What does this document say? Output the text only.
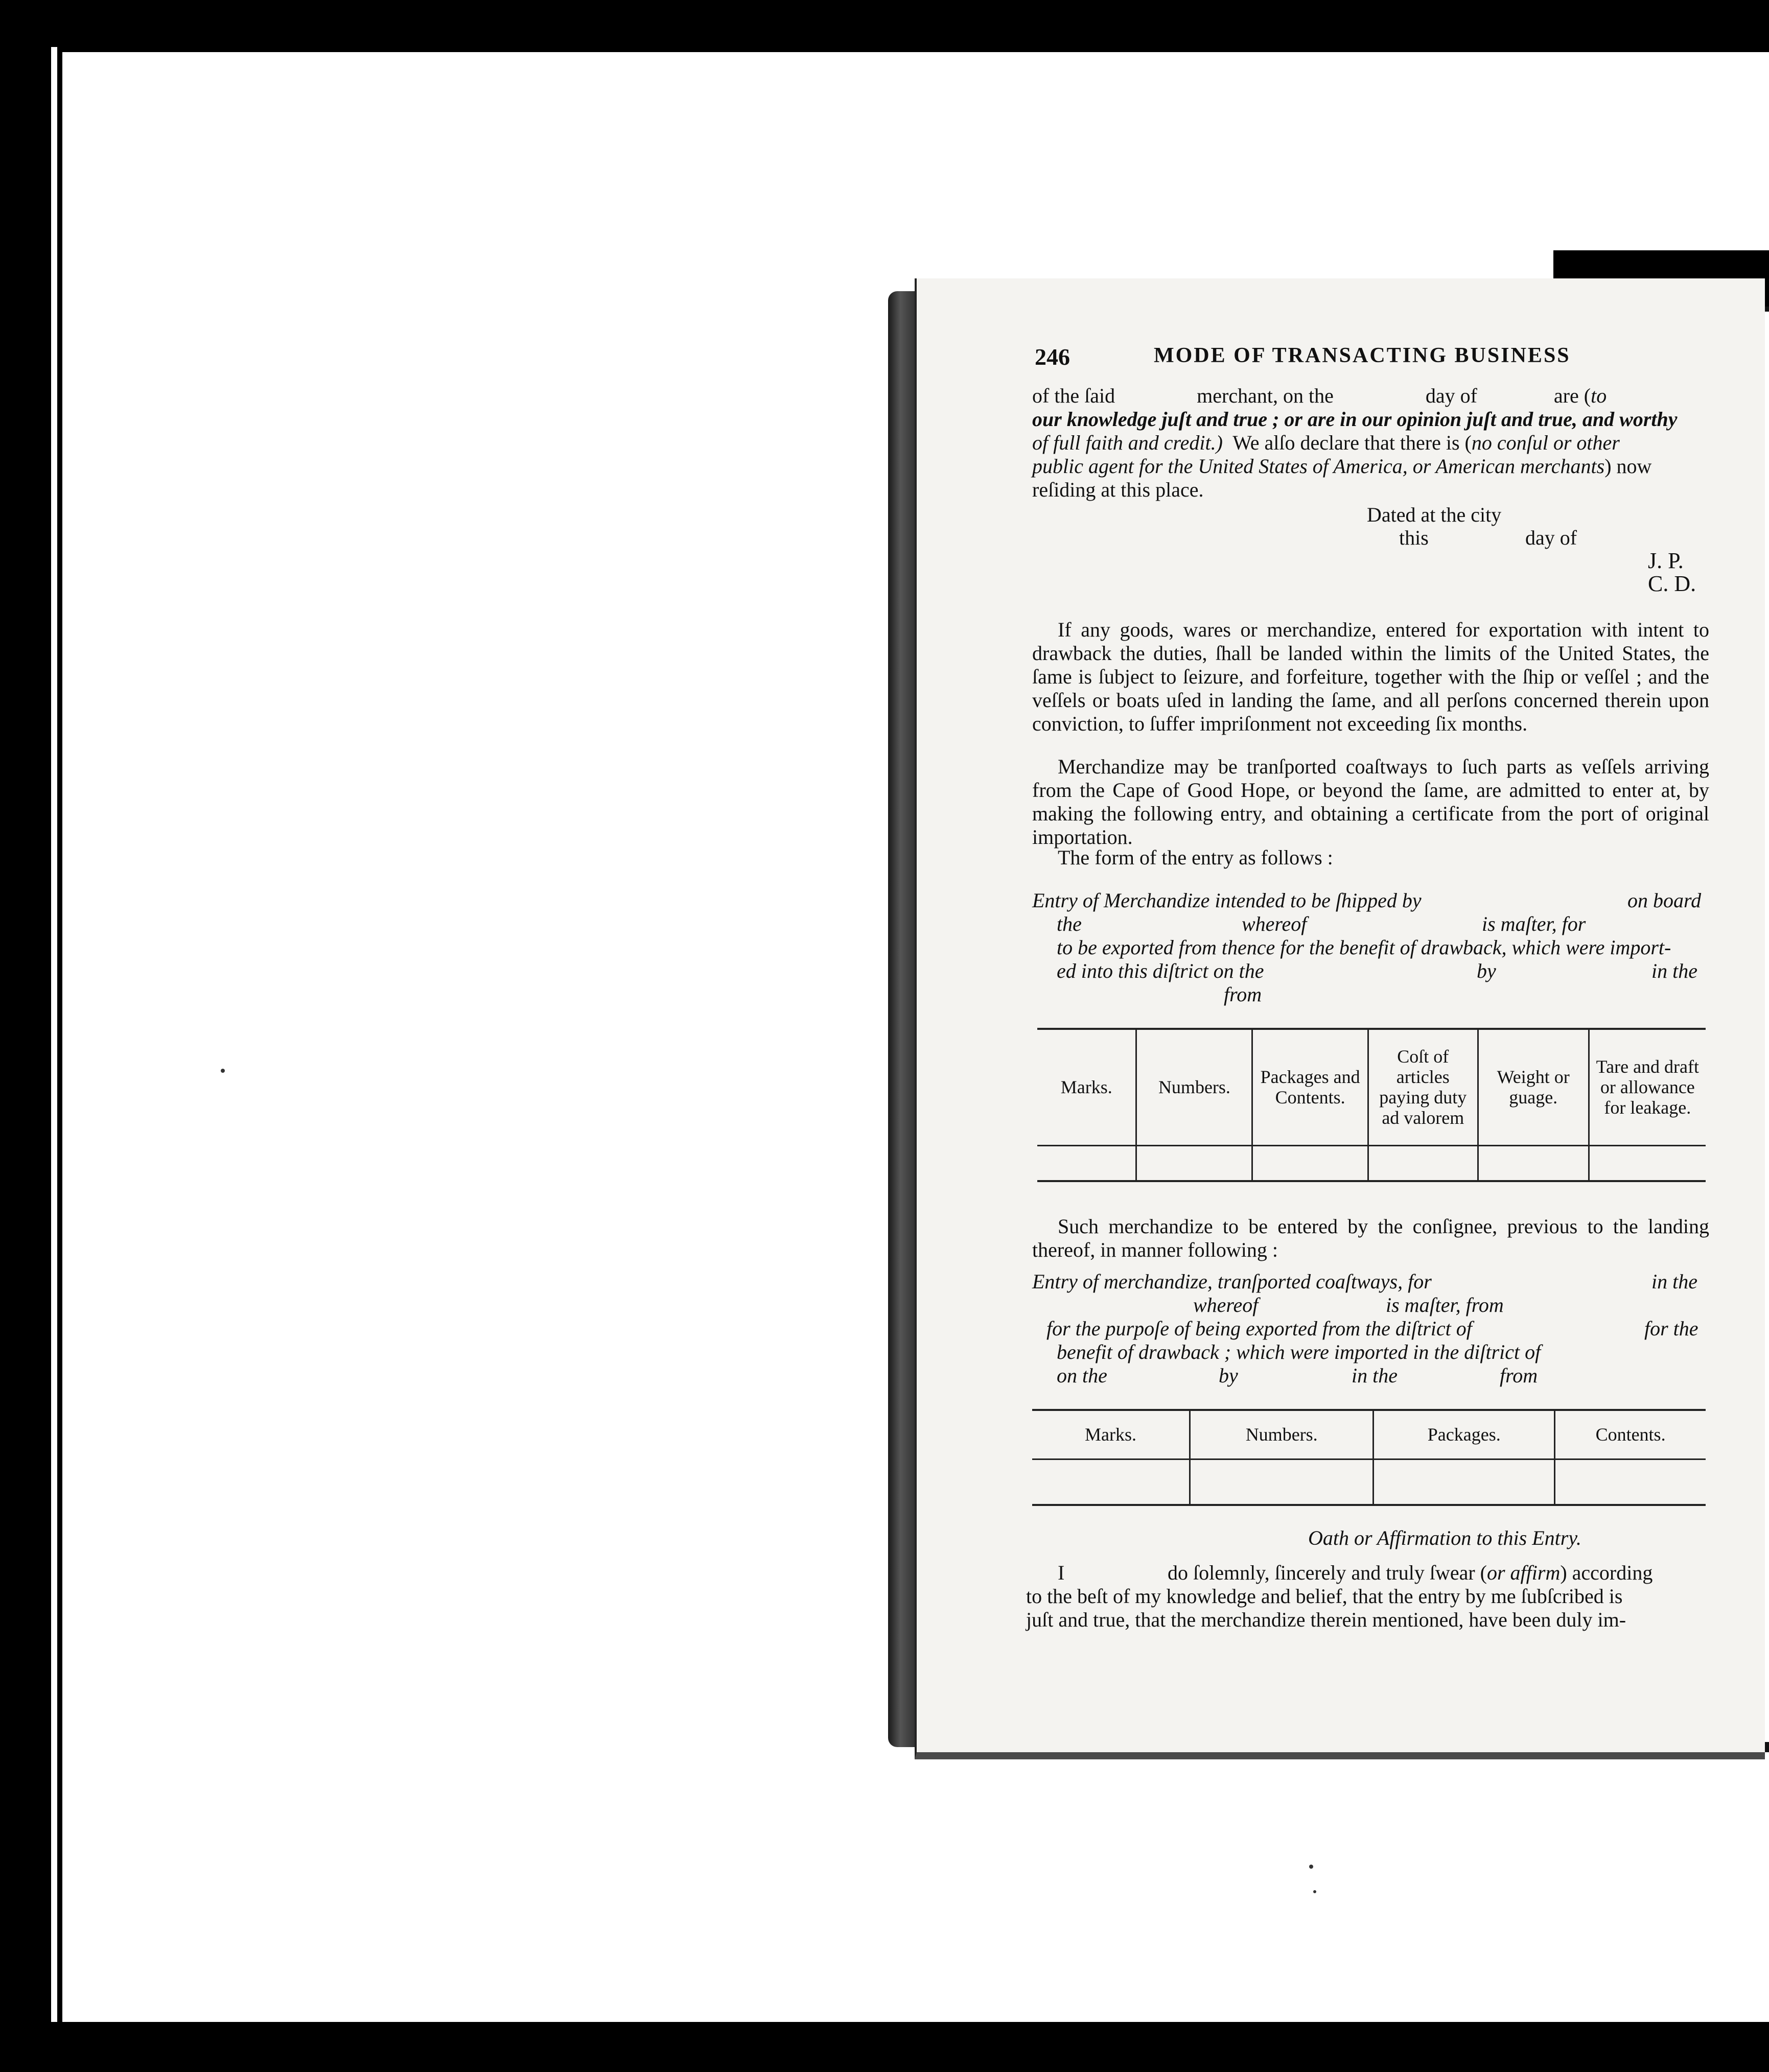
246	MODE OF TRANSACTING BUSINESS
of the ſaid                merchant, on the                  day of               are (to
our knowledge juſt and true ; or are in our opinion juſt and true, and worthy
of full faith and credit.)  We alſo declare that there is (no conſul or other
public agent for the United States of America, or American merchants) now
reſiding at this place.
Dated at the city
this	day of
J. P.
C. D.
If any goods, wares or merchandize, entered for exportation with intent to drawback the duties, ſhall be landed within the limits of the United States, the ſame is ſubject to ſeizure, and forfeiture, together with the ſhip or veſſel ; and the veſſels or boats uſed in landing the ſame, and all perſons concerned therein upon conviction, to ſuffer impriſonment not exceeding ſix months.
Merchandize may be tranſported coaſtways to ſuch parts as veſſels arriving from the Cape of Good Hope, or beyond the ſame, are admitted to enter at, by making the following entry, and obtaining a certificate from the port of original importation.
The form of the entry as follows :
Entry of Merchandize intended to be ſhipped by	on board
the	whereof	is maſter, for
to be exported from thence for the benefit of drawback, which were import-
ed into this diſtrict on the	by	in the
from
Marks.	Numbers.	Packages and Contents.	Coſt of articles paying duty ad valorem	Weight or guage.	Tare and draft or allowance for leakage.

Such merchandize to be entered by the conſignee, previous to the landing thereof, in manner following :
Entry of merchandize, tranſported coaſtways, for	in the
whereof	is maſter, from
for the purpoſe of being exported from the diſtrict of	for the
benefit of drawback ; which were imported in the diſtrict of
on the	by	in the	from
Marks.	Numbers.	Packages.	Contents.

Oath or Affirmation to this Entry.
I	do ſolemnly, ſincerely and truly ſwear (or affirm) according
to the beſt of my knowledge and belief, that the entry by me ſubſcribed is
juſt and true, that the merchandize therein mentioned, have been duly im-
